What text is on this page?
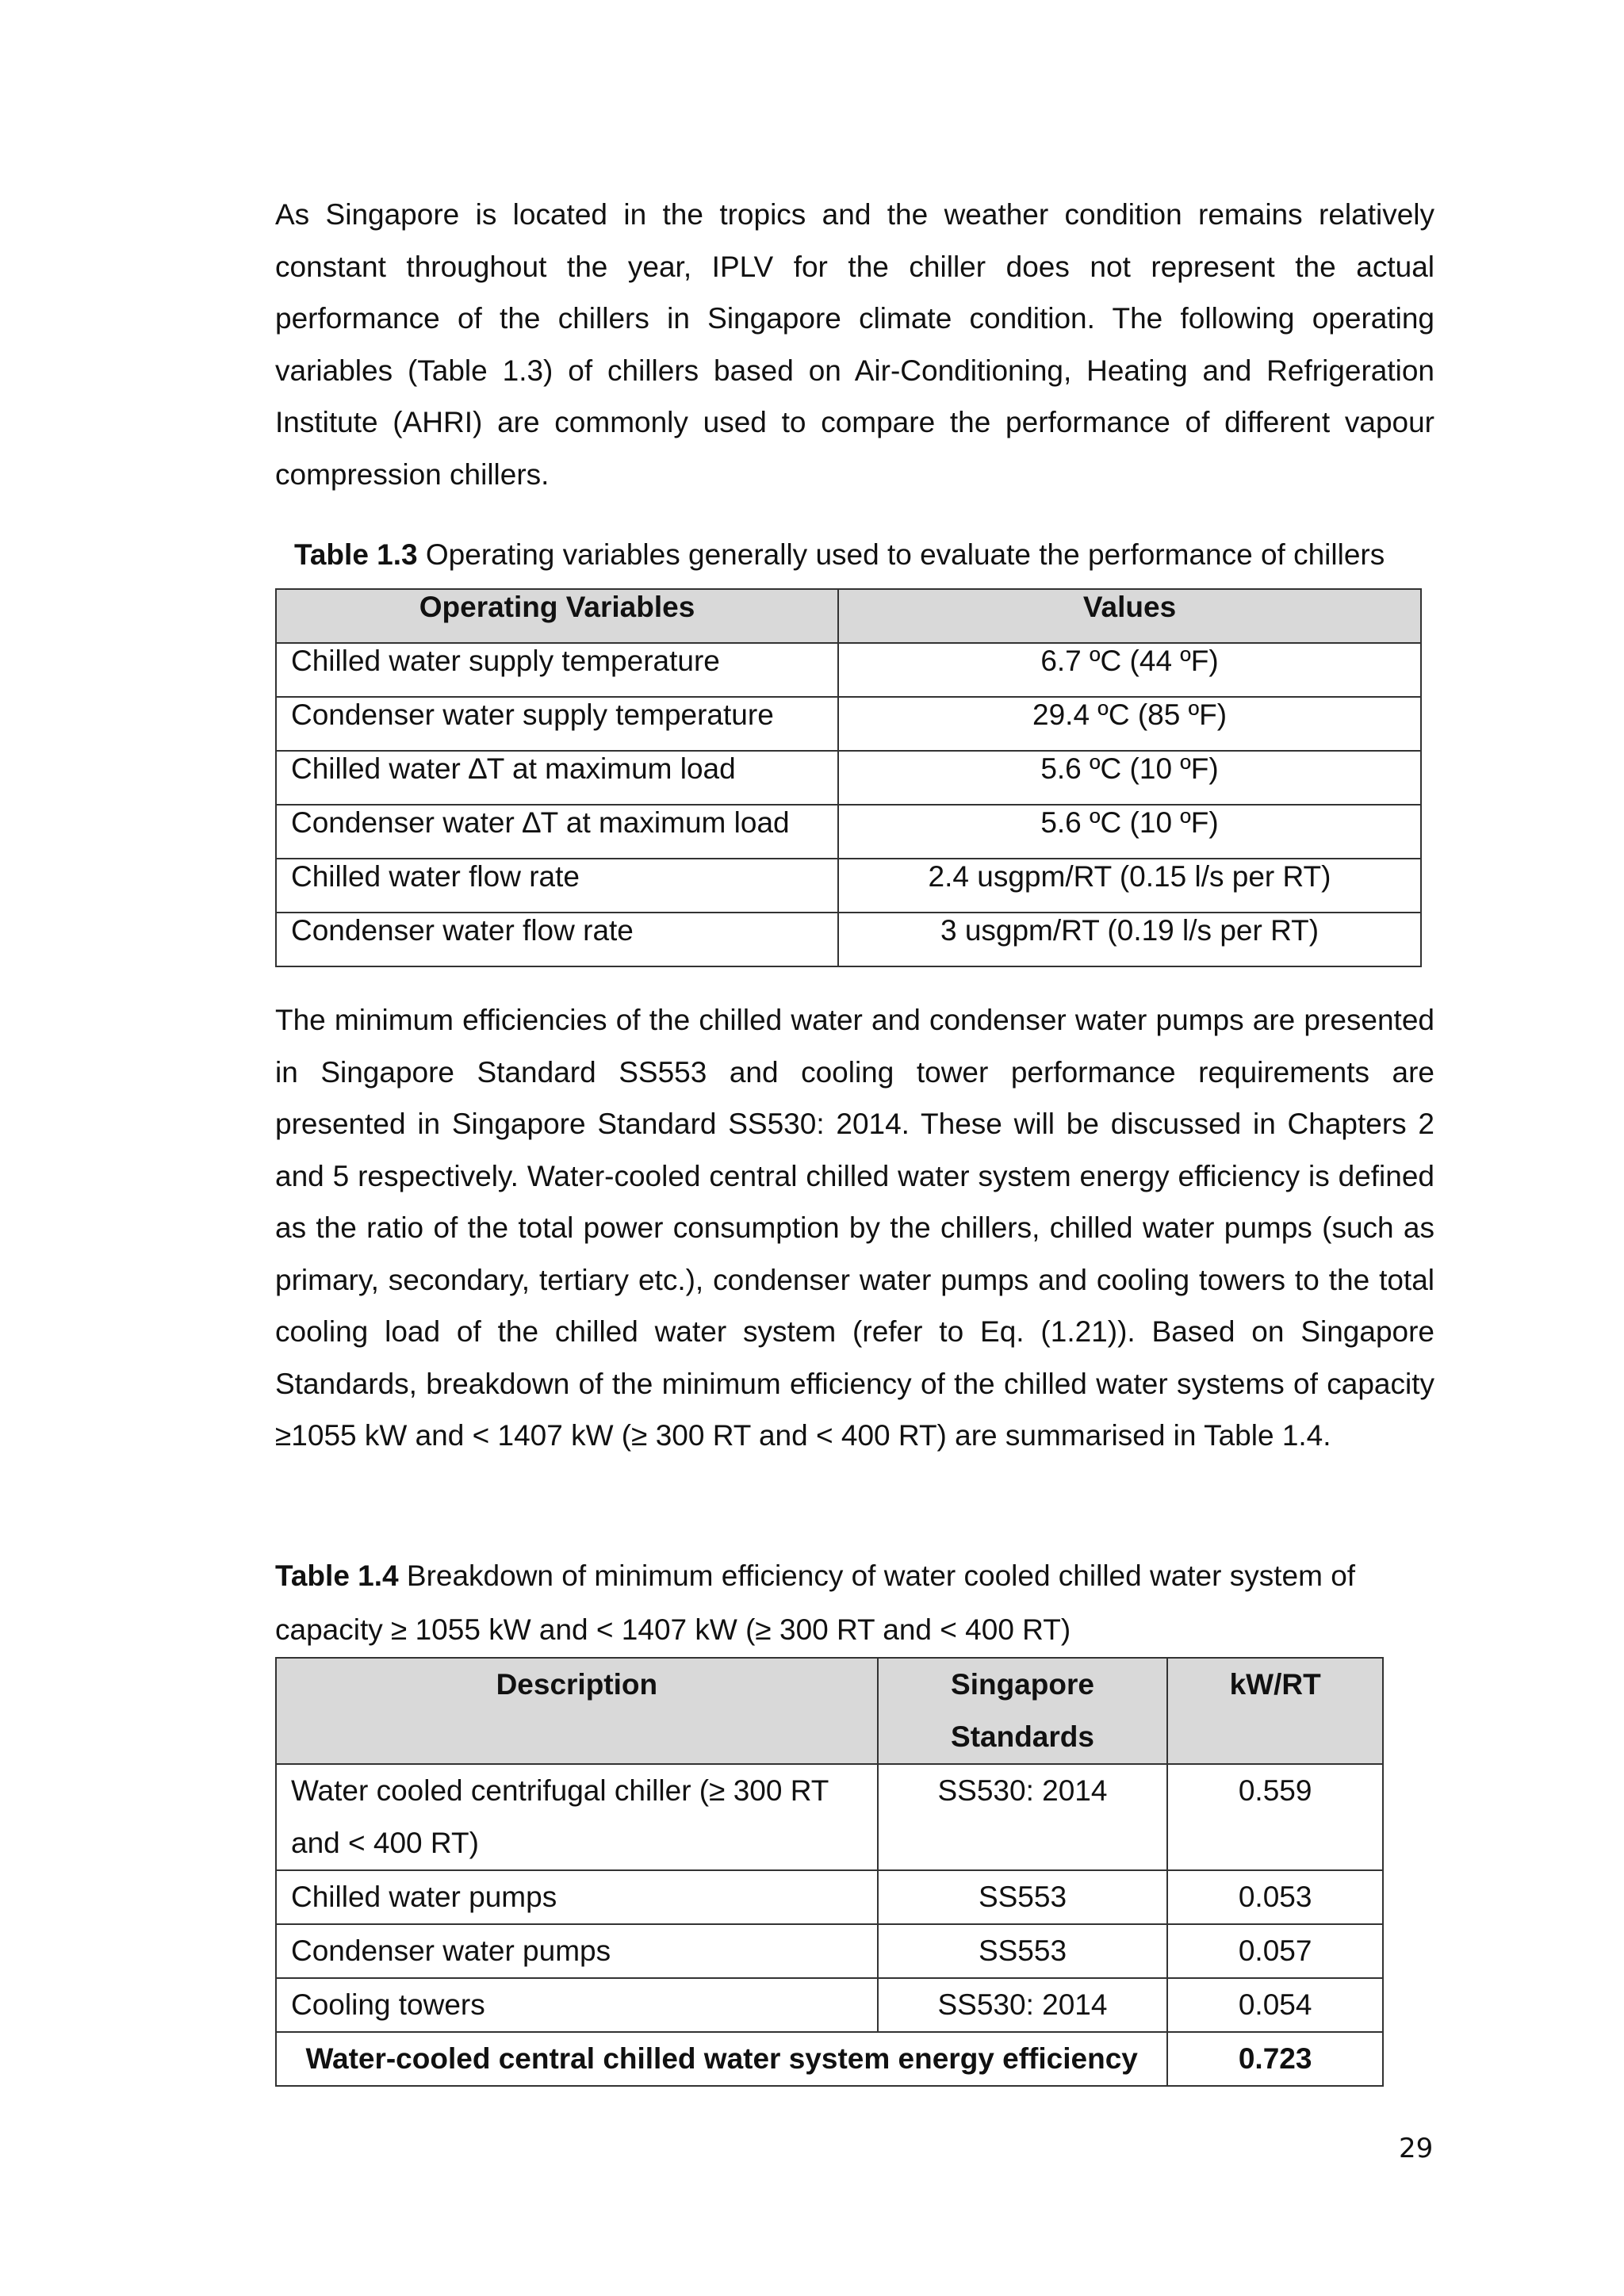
As Singapore is located in the tropics and the weather condition remains relatively constant throughout the year, IPLV for the chiller does not represent the actual performance of the chillers in Singapore climate condition. The following operating variables (Table 1.3) of chillers based on Air-Conditioning, Heating and Refrigeration Institute (AHRI) are commonly used to compare the performance of different vapour compression chillers.

Table 1.3 Operating variables generally used to evaluate the performance of chillers

Operating Variables	Values
Chilled water supply temperature	6.7 ºC (44 ºF)
Condenser water supply temperature	29.4 ºC (85 ºF)
Chilled water ∆T at maximum load	5.6 ºC (10 ºF)
Condenser water ∆T at maximum load	5.6 ºC (10 ºF)
Chilled water flow rate	2.4 usgpm/RT (0.15 l/s per RT)
Condenser water flow rate	3 usgpm/RT (0.19 l/s per RT)

The minimum efficiencies of the chilled water and condenser water pumps are presented in Singapore Standard SS553 and cooling tower performance requirements are presented in Singapore Standard SS530: 2014. These will be discussed in Chapters 2 and 5 respectively. Water-cooled central chilled water system energy efficiency is defined as the ratio of the total power consumption by the chillers, chilled water pumps (such as primary, secondary, tertiary etc.), condenser water pumps and cooling towers to the total cooling load of the chilled water system (refer to Eq. (1.21)). Based on Singapore Standards, breakdown of the minimum efficiency of the chilled water systems of capacity ≥1055 kW and < 1407 kW (≥ 300 RT and < 400 RT) are summarised in Table 1.4.

Table 1.4 Breakdown of minimum efficiency of water cooled chilled water system of capacity ≥ 1055 kW and < 1407 kW (≥ 300 RT and < 400 RT)

Description	Singapore Standards	kW/RT
Water cooled centrifugal chiller (≥ 300 RT and < 400 RT)	SS530: 2014	0.559
Chilled water pumps	SS553	0.053
Condenser water pumps	SS553	0.057
Cooling towers	SS530: 2014	0.054
Water-cooled central chilled water system energy efficiency		0.723
29
